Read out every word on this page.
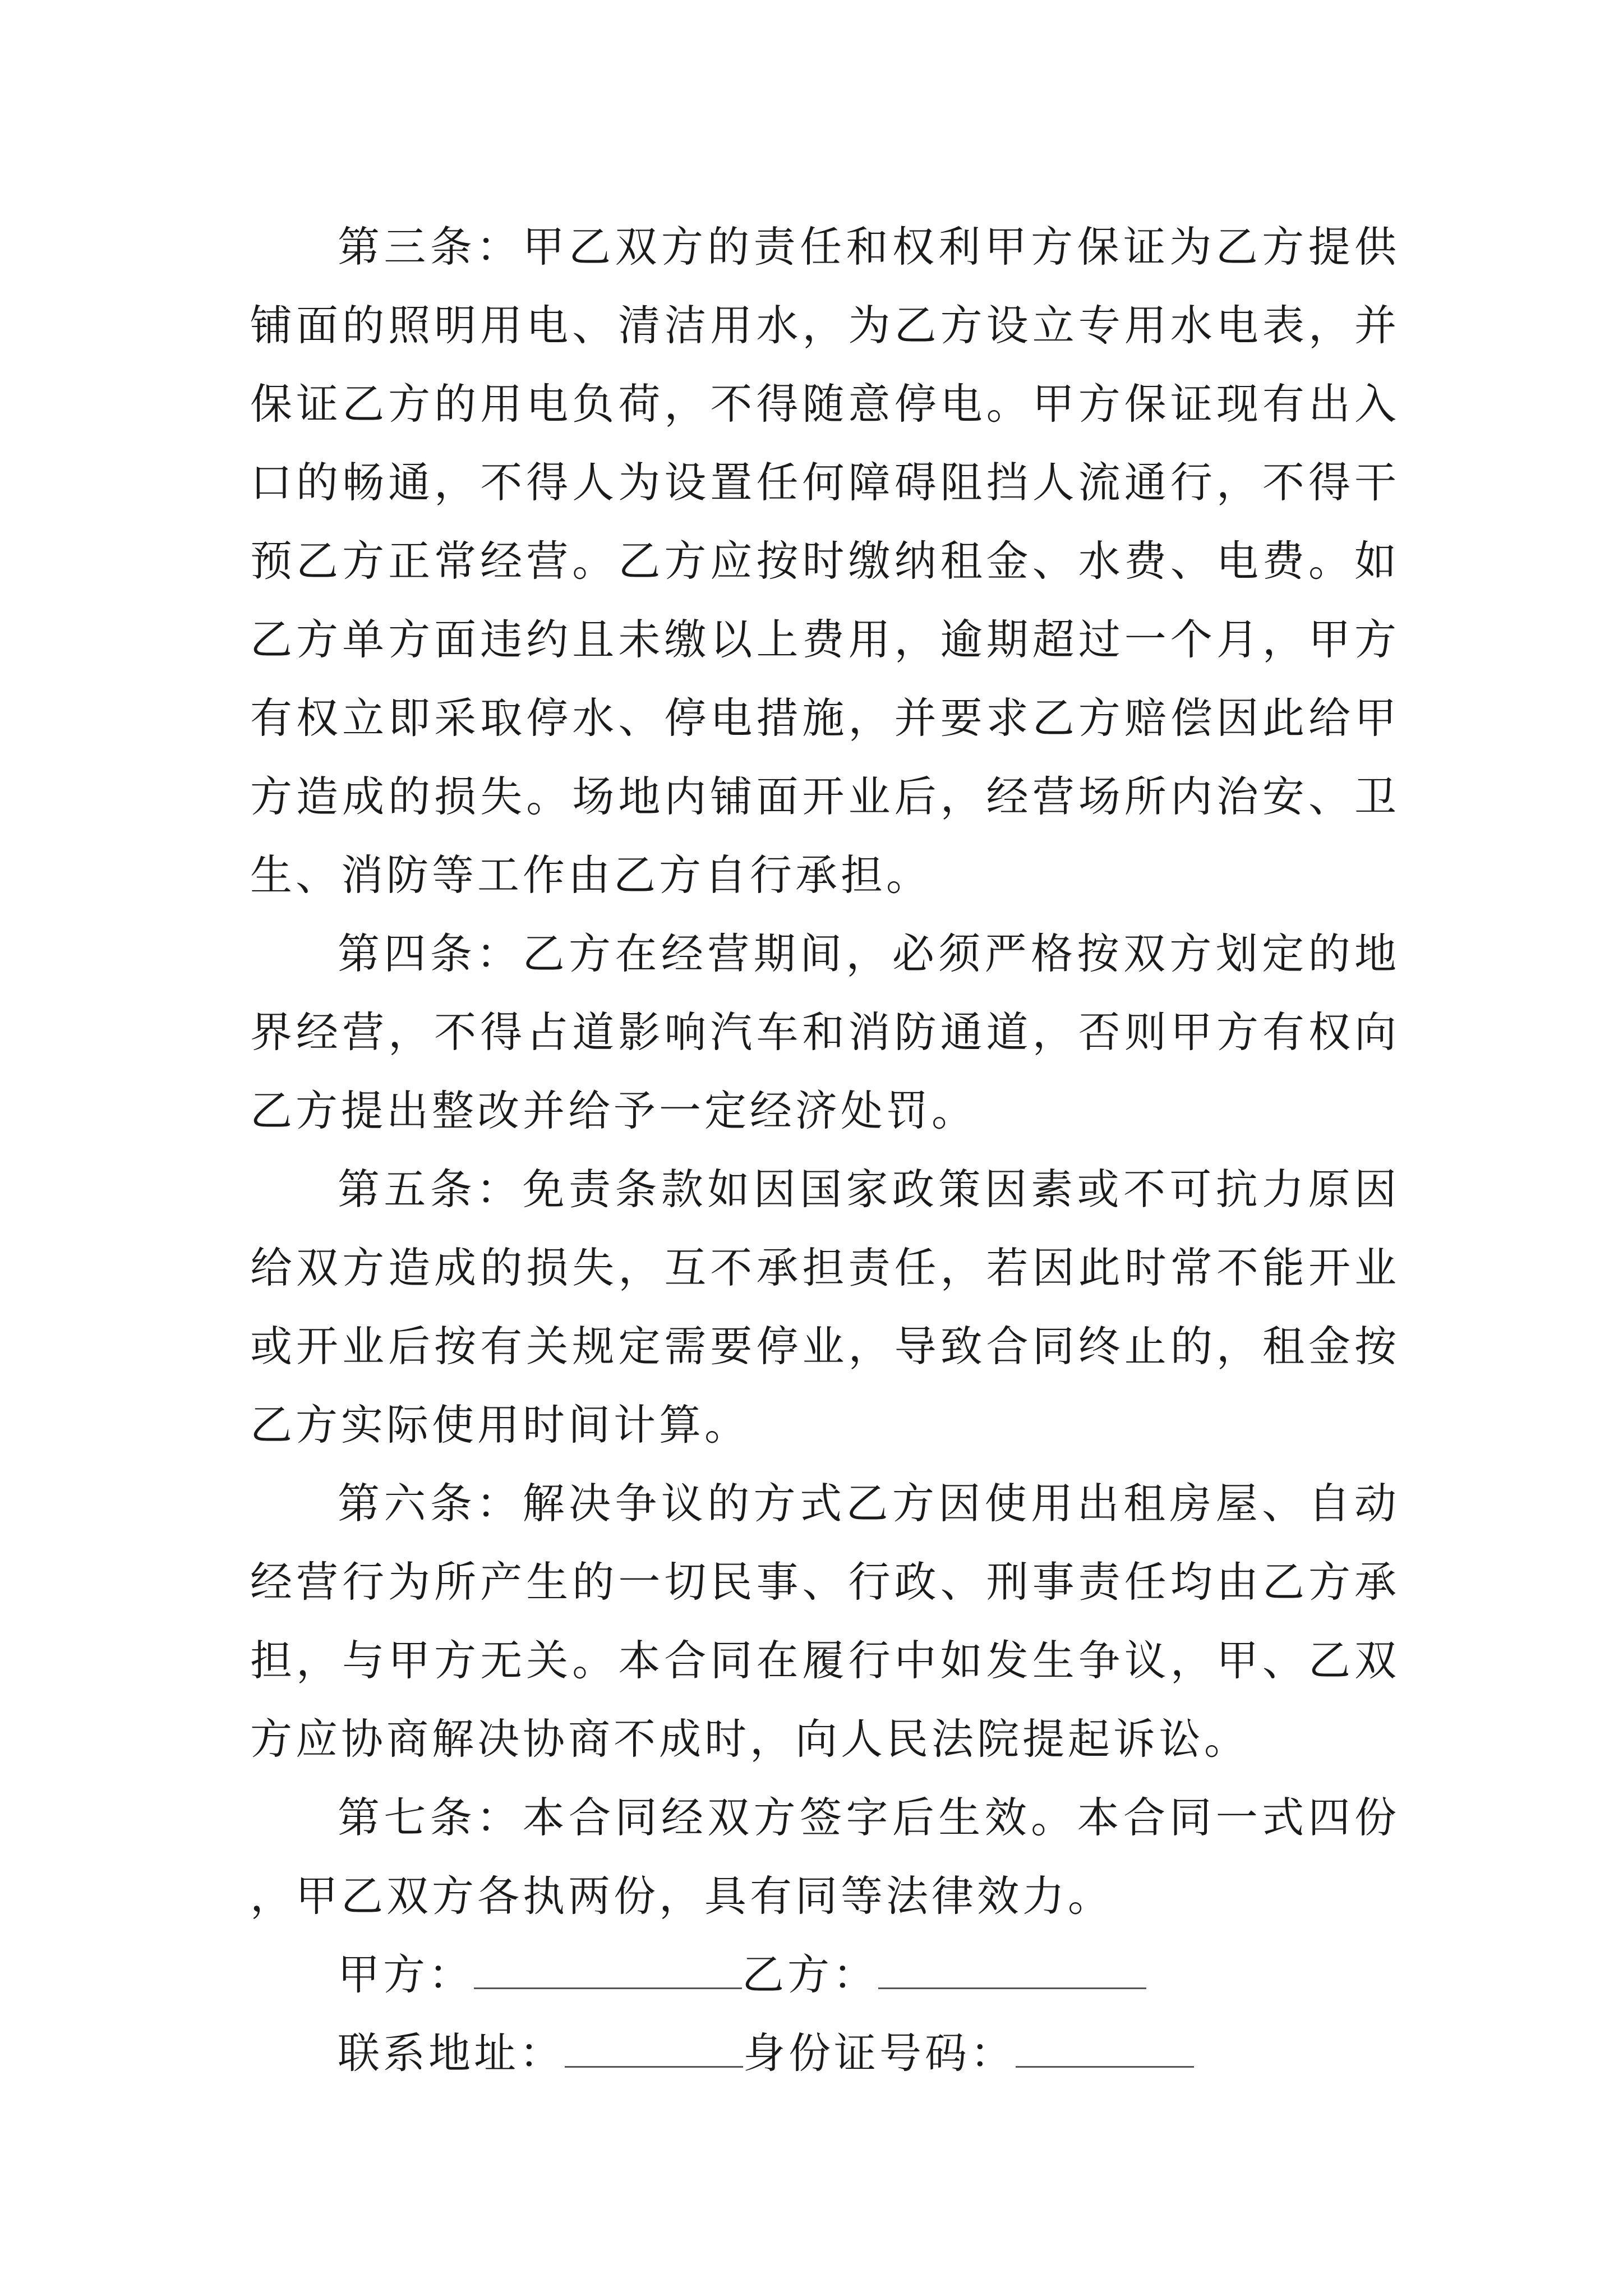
第三条：甲乙双方的责任和权利甲方保证为乙方提供铺面的照明用电、清洁用水，为乙方设立专用水电表，并保证乙方的用电负荷，不得随意停电。甲方保证现有出入口的畅通，不得人为设置任何障碍阻挡人流通行，不得干预乙方正常经营。乙方应按时缴纳租金、水费、电费。如乙方单方面违约且未缴以上费用，逾期超过一个月，甲方有权立即采取停水、停电措施，并要求乙方赔偿因此给甲方造成的损失。场地内铺面开业后，经营场所内治安、卫生、消防等工作由乙方自行承担。

第四条：乙方在经营期间，必须严格按双方划定的地界经营，不得占道影响汽车和消防通道，否则甲方有权向乙方提出整改并给予一定经济处罚。

第五条：免责条款如因国家政策因素或不可抗力原因给双方造成的损失，互不承担责任，若因此时常不能开业或开业后按有关规定需要停业，导致合同终止的，租金按乙方实际使用时间计算。

第六条：解决争议的方式乙方因使用出租房屋、自动经营行为所产生的一切民事、行政、刑事责任均由乙方承担，与甲方无关。本合同在履行中如发生争议，甲、乙双方应协商解决协商不成时，向人民法院提起诉讼。

第七条：本合同经双方签字后生效。本合同一式四份，甲乙双方各执两份，具有同等法律效力。

甲方：	乙方：
联系地址：	身份证号码：
